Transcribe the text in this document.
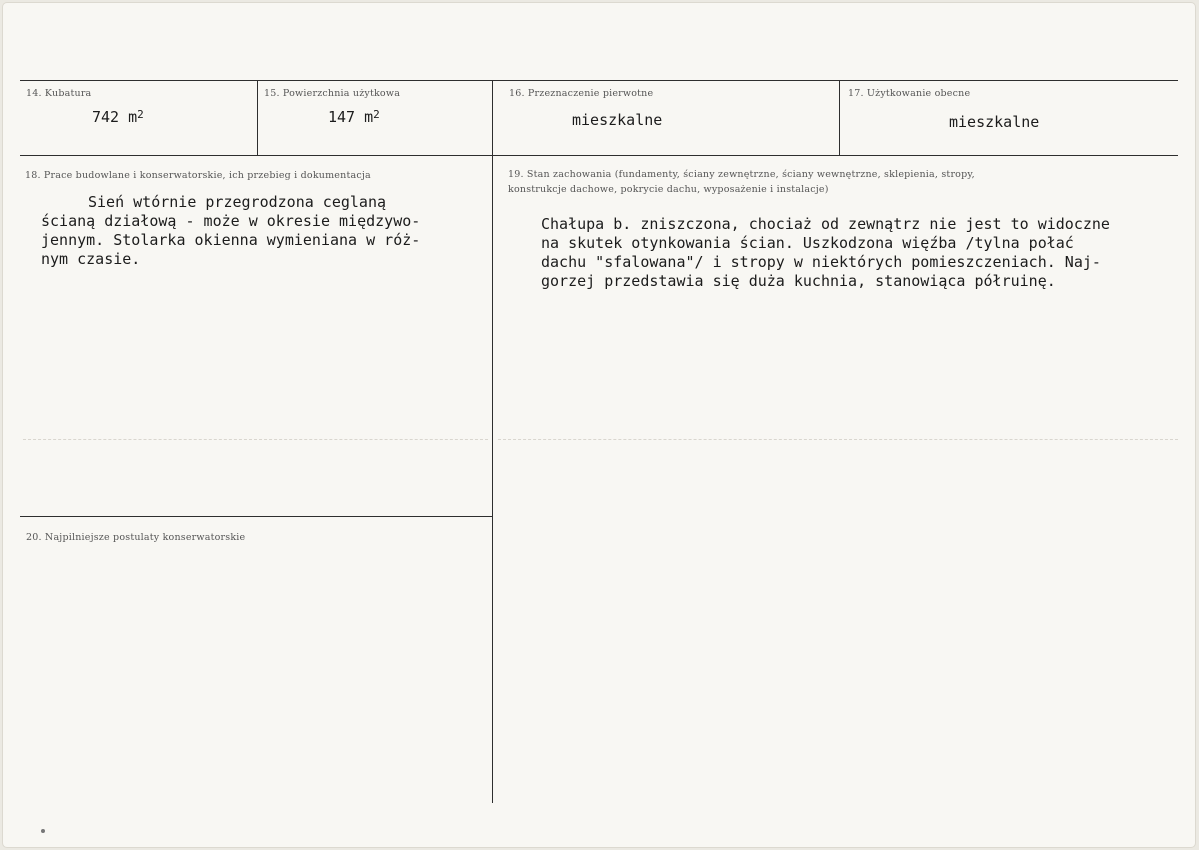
14. Kubatura
742 $m^2$
15. Powierzchnia użytkowa
147 $m^2$
16. Przeznaczenie pierwotne
mieszkalne
17. Użytkowanie obecne
mieszkalne
18. Prace budowlane i konserwatorskie, ich przebieg i dokumentacja
Sień wtórnie przegrodzona ceglaną
ścianą działową - może w okresie międzywo-
jennym. Stolarka okienna wymieniana w róż-
nym czasie.
19. Stan zachowania (fundamenty, ściany zewnętrzne, ściany wewnętrzne, sklepienia, stropy,
konstrukcje dachowe, pokrycie dachu, wyposażenie i instalacje)
Chałupa b. zniszczona, chociaż od zewnątrz nie jest to widoczne
na skutek otynkowania ścian. Uszkodzona więźba /tylna połać
dachu "sfalowana"/ i stropy w niektórych pomieszczeniach. Naj-
gorzej przedstawia się duża kuchnia, stanowiąca półruinę.
20. Najpilniejsze postulaty konserwatorskie
